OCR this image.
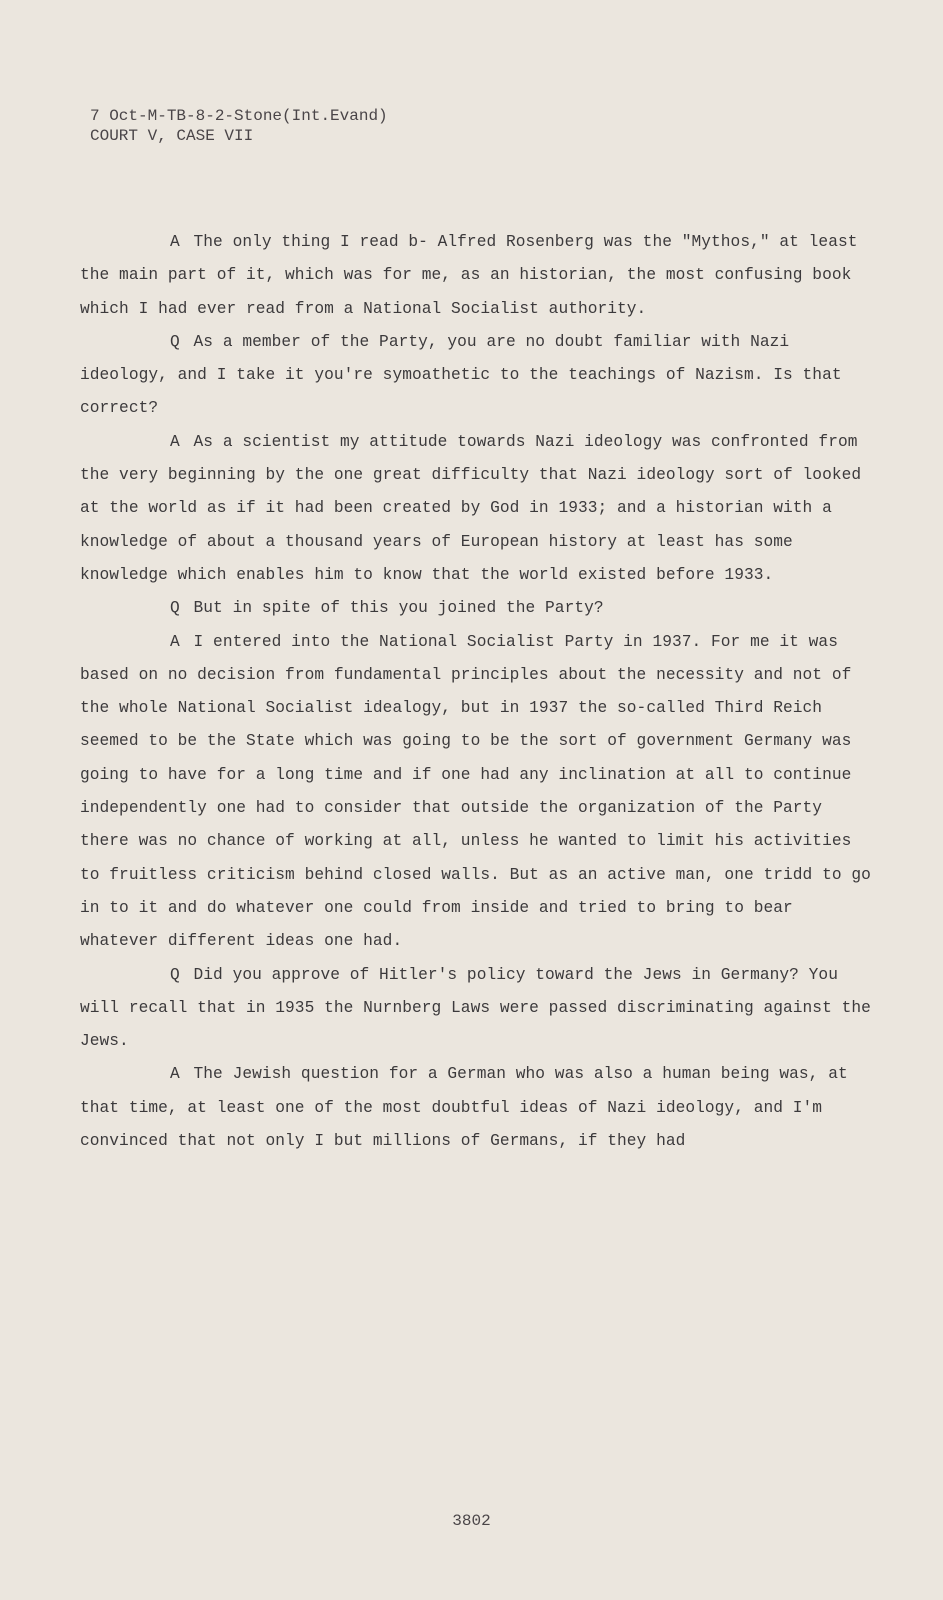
7 Oct-M-TB-8-2-Stone(Int.Evand)
COURT V, CASE VII

A The only thing I read b- Alfred Rosenberg was the "Mythos," at least the main part of it, which was for me, as an historian, the most confusing book which I had ever read from a National Socialist authority.

Q As a member of the Party, you are no doubt familiar with Nazi ideology, and I take it you're symoathetic to the teachings of Nazism. Is that correct?

A As a scientist my attitude towards Nazi ideology was confronted from the very beginning by the one great difficulty that Nazi ideology sort of looked at the world as if it had been created by God in 1933; and a historian with a knowledge of about a thousand years of European history at least has some knowledge which enables him to know that the world existed before 1933.

Q But in spite of this you joined the Party?

A I entered into the National Socialist Party in 1937. For me it was based on no decision from fundamental principles about the necessity and not of the whole National Socialist idealogy, but in 1937 the so-called Third Reich seemed to be the State which was going to be the sort of government Germany was going to have for a long time and if one had any inclination at all to continue independently one had to consider that outside the organization of the Party there was no chance of working at all, unless he wanted to limit his activities to fruitless criticism behind closed walls. But as an active man, one tridd to go in to it and do whatever one could from inside and tried to bring to bear whatever different ideas one had.

Q Did you approve of Hitler's policy toward the Jews in Germany? You will recall that in 1935 the Nurnberg Laws were passed discriminating against the Jews.

A The Jewish question for a German who was also a human being was, at that time, at least one of the most doubtful ideas of Nazi ideology, and I'm convinced that not only I but millions of Germans, if they had

3802
